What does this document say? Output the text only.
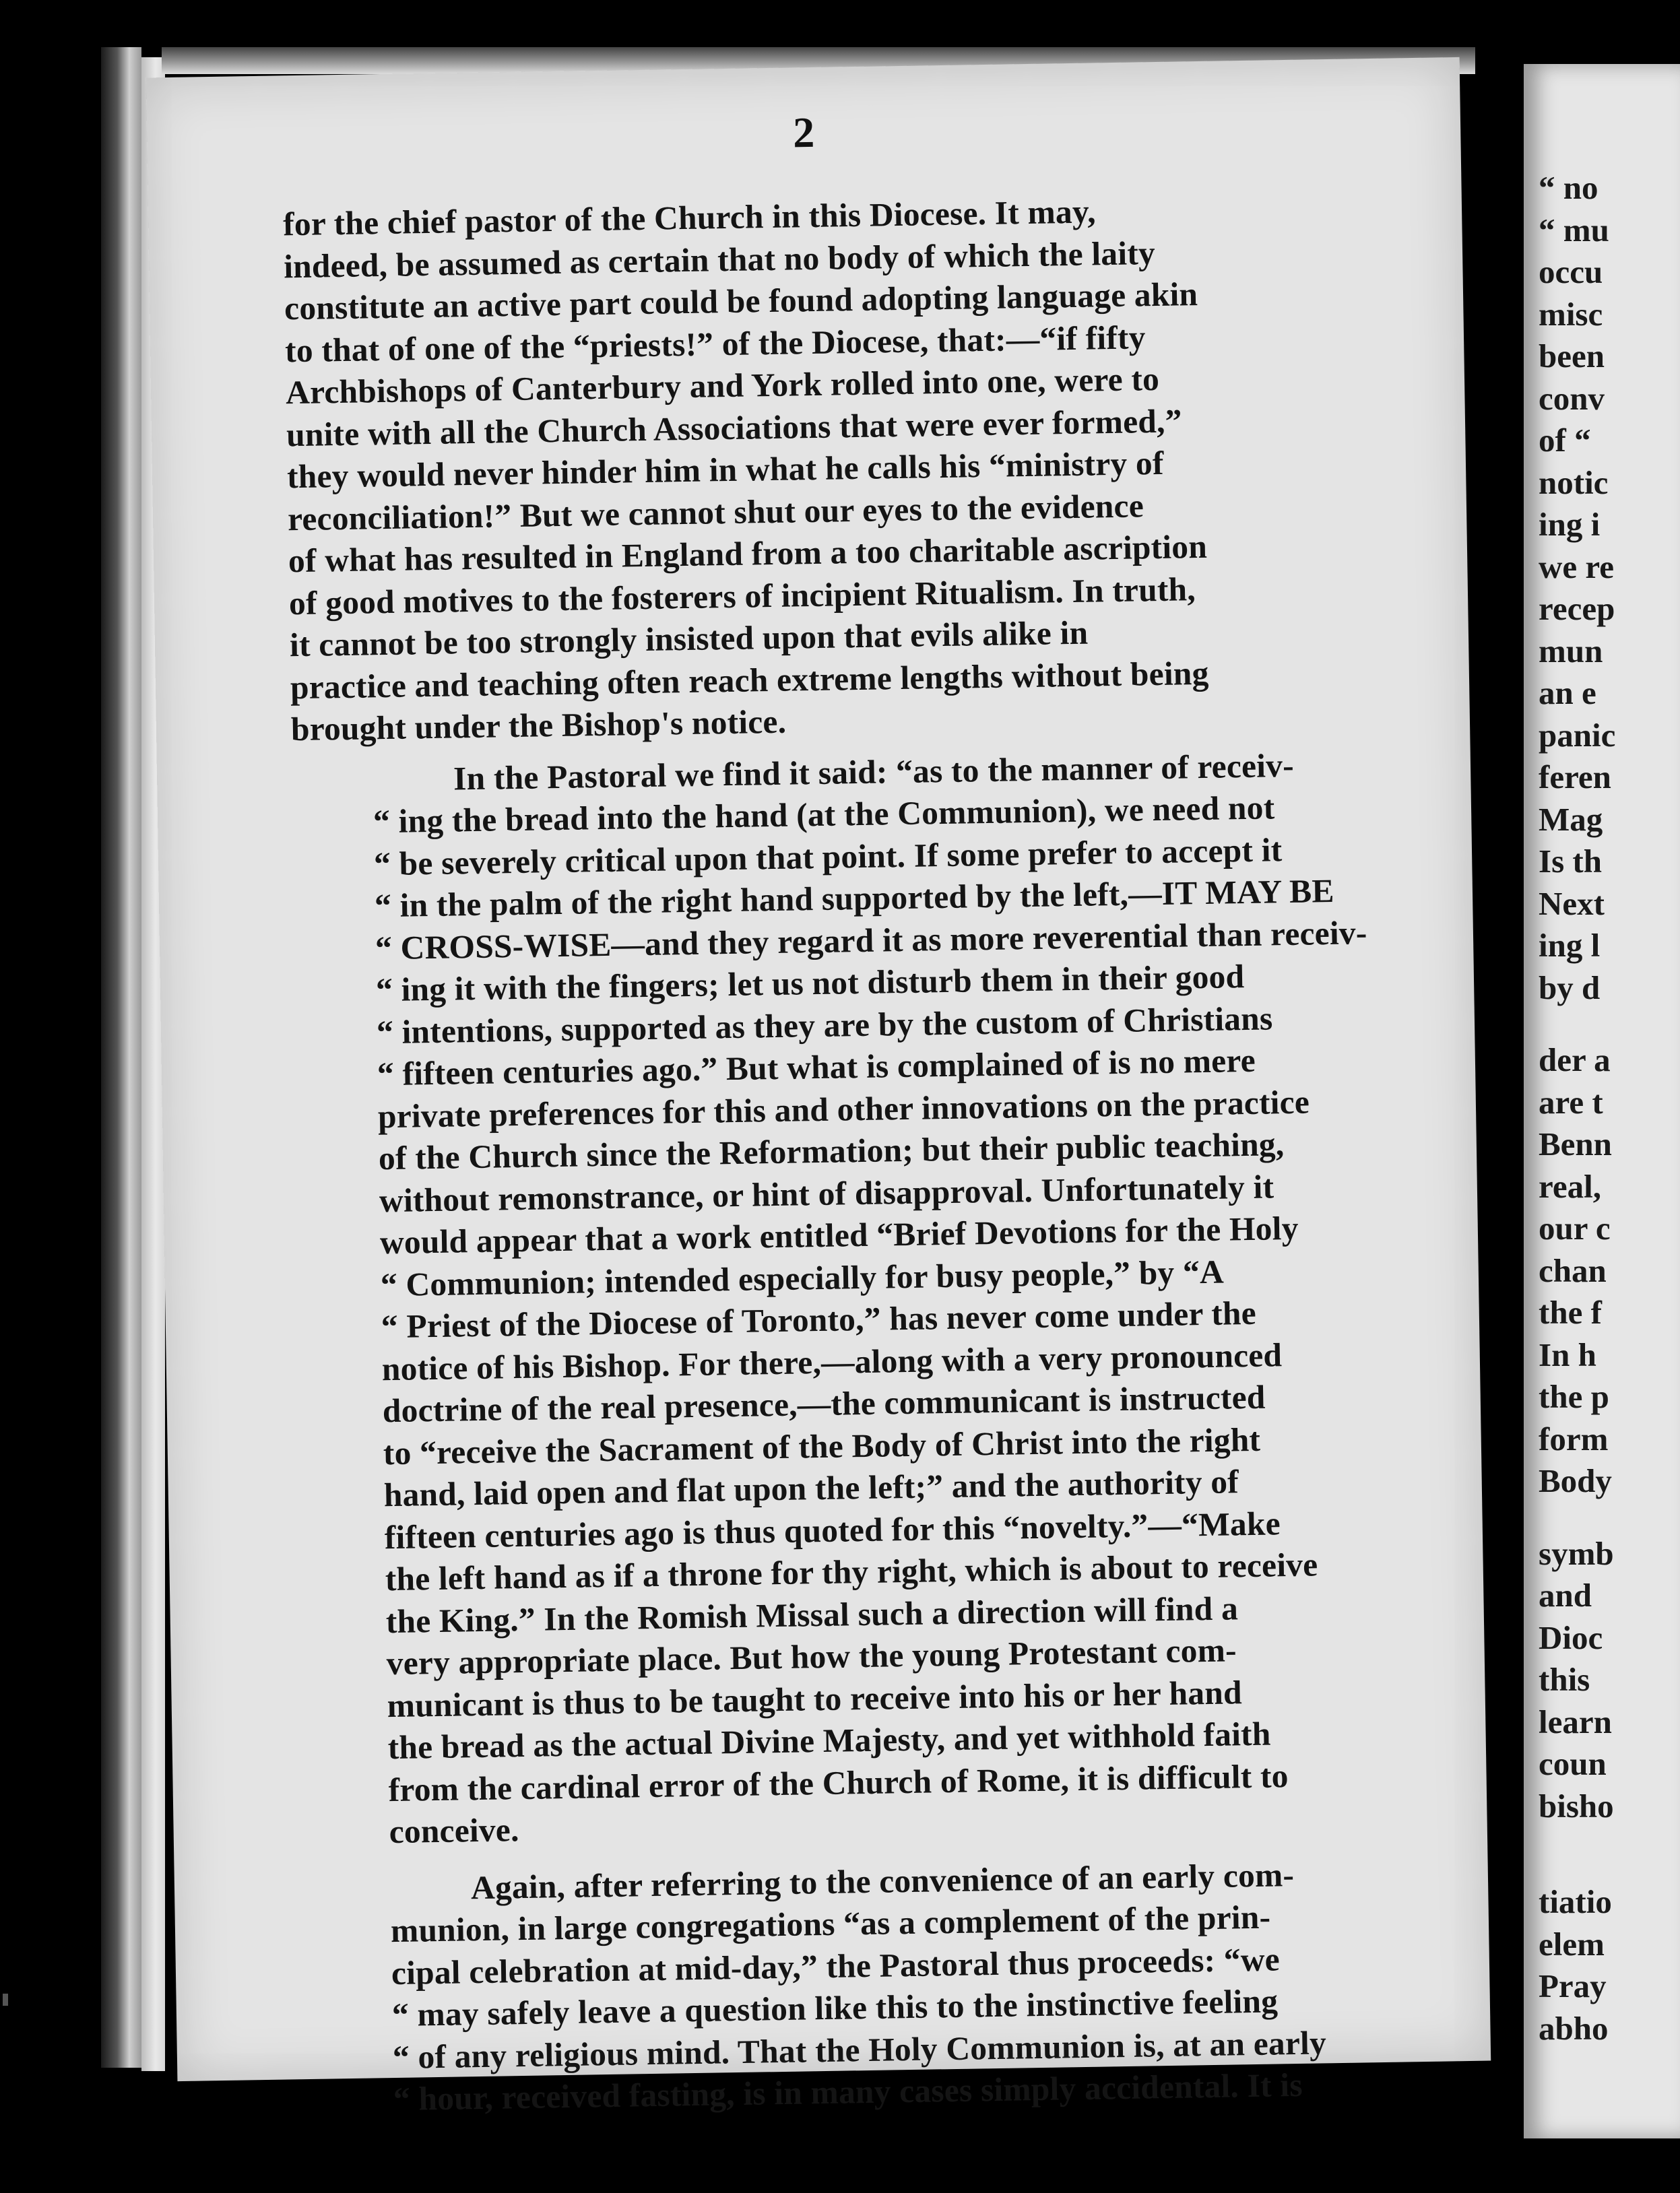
2
for the chief pastor of the Church in this Diocese. It may,
indeed, be assumed as certain that no body of which the laity
constitute an active part could be found adopting language akin
to that of one of the “priests!” of the Diocese, that:—“if fifty
Archbishops of Canterbury and York rolled into one, were to
unite with all the Church Associations that were ever formed,”
they would never hinder him in what he calls his “ministry of
reconciliation!” But we cannot shut our eyes to the evidence
of what has resulted in England from a too charitable ascription
of good motives to the fosterers of incipient Ritualism. In truth,
it cannot be too strongly insisted upon that evils alike in
practice and teaching often reach extreme lengths without being
brought under the Bishop's notice.
In the Pastoral we find it said: “as to the manner of receiv-
“ ing the bread into the hand (at the Communion), we need not
“ be severely critical upon that point. If some prefer to accept it
“ in the palm of the right hand supported by the left,—IT MAY BE
“ CROSS-WISE—and they regard it as more reverential than receiv-
“ ing it with the fingers; let us not disturb them in their good
“ intentions, supported as they are by the custom of Christians
“ fifteen centuries ago.” But what is complained of is no mere
private preferences for this and other innovations on the practice
of the Church since the Reformation; but their public teaching,
without remonstrance, or hint of disapproval. Unfortunately it
would appear that a work entitled “Brief Devotions for the Holy
“ Communion; intended especially for busy people,” by “A
“ Priest of the Diocese of Toronto,” has never come under the
notice of his Bishop. For there,—along with a very pronounced
doctrine of the real presence,—the communicant is instructed
to “receive the Sacrament of the Body of Christ into the right
hand, laid open and flat upon the left;” and the authority of
fifteen centuries ago is thus quoted for this “novelty.”—“Make
the left hand as if a throne for thy right, which is about to receive
the King.” In the Romish Missal such a direction will find a
very appropriate place. But how the young Protestant com-
municant is thus to be taught to receive into his or her hand
the bread as the actual Divine Majesty, and yet withhold faith
from the cardinal error of the Church of Rome, it is difficult to
conceive.
Again, after referring to the convenience of an early com-
munion, in large congregations “as a complement of the prin-
cipal celebration at mid-day,” the Pastoral thus proceeds: “we
“ may safely leave a question like this to the instinctive feeling
“ of any religious mind. That the Holy Communion is, at an early
“ hour, received fasting, is in many cases simply accidental. It is
“ no
“ mu
occu
misc
been
conv
of “
notic
ing i
we re
recep
mun
an e
panic
feren
Mag
Is th
Next
ing l
by d
der a
are t
Benn
real,
our c
chan
the f
In h
the p
form
Body
symb
and
Dioc
this
learn
coun
bisho
tiatio
elem
Pray
abho
